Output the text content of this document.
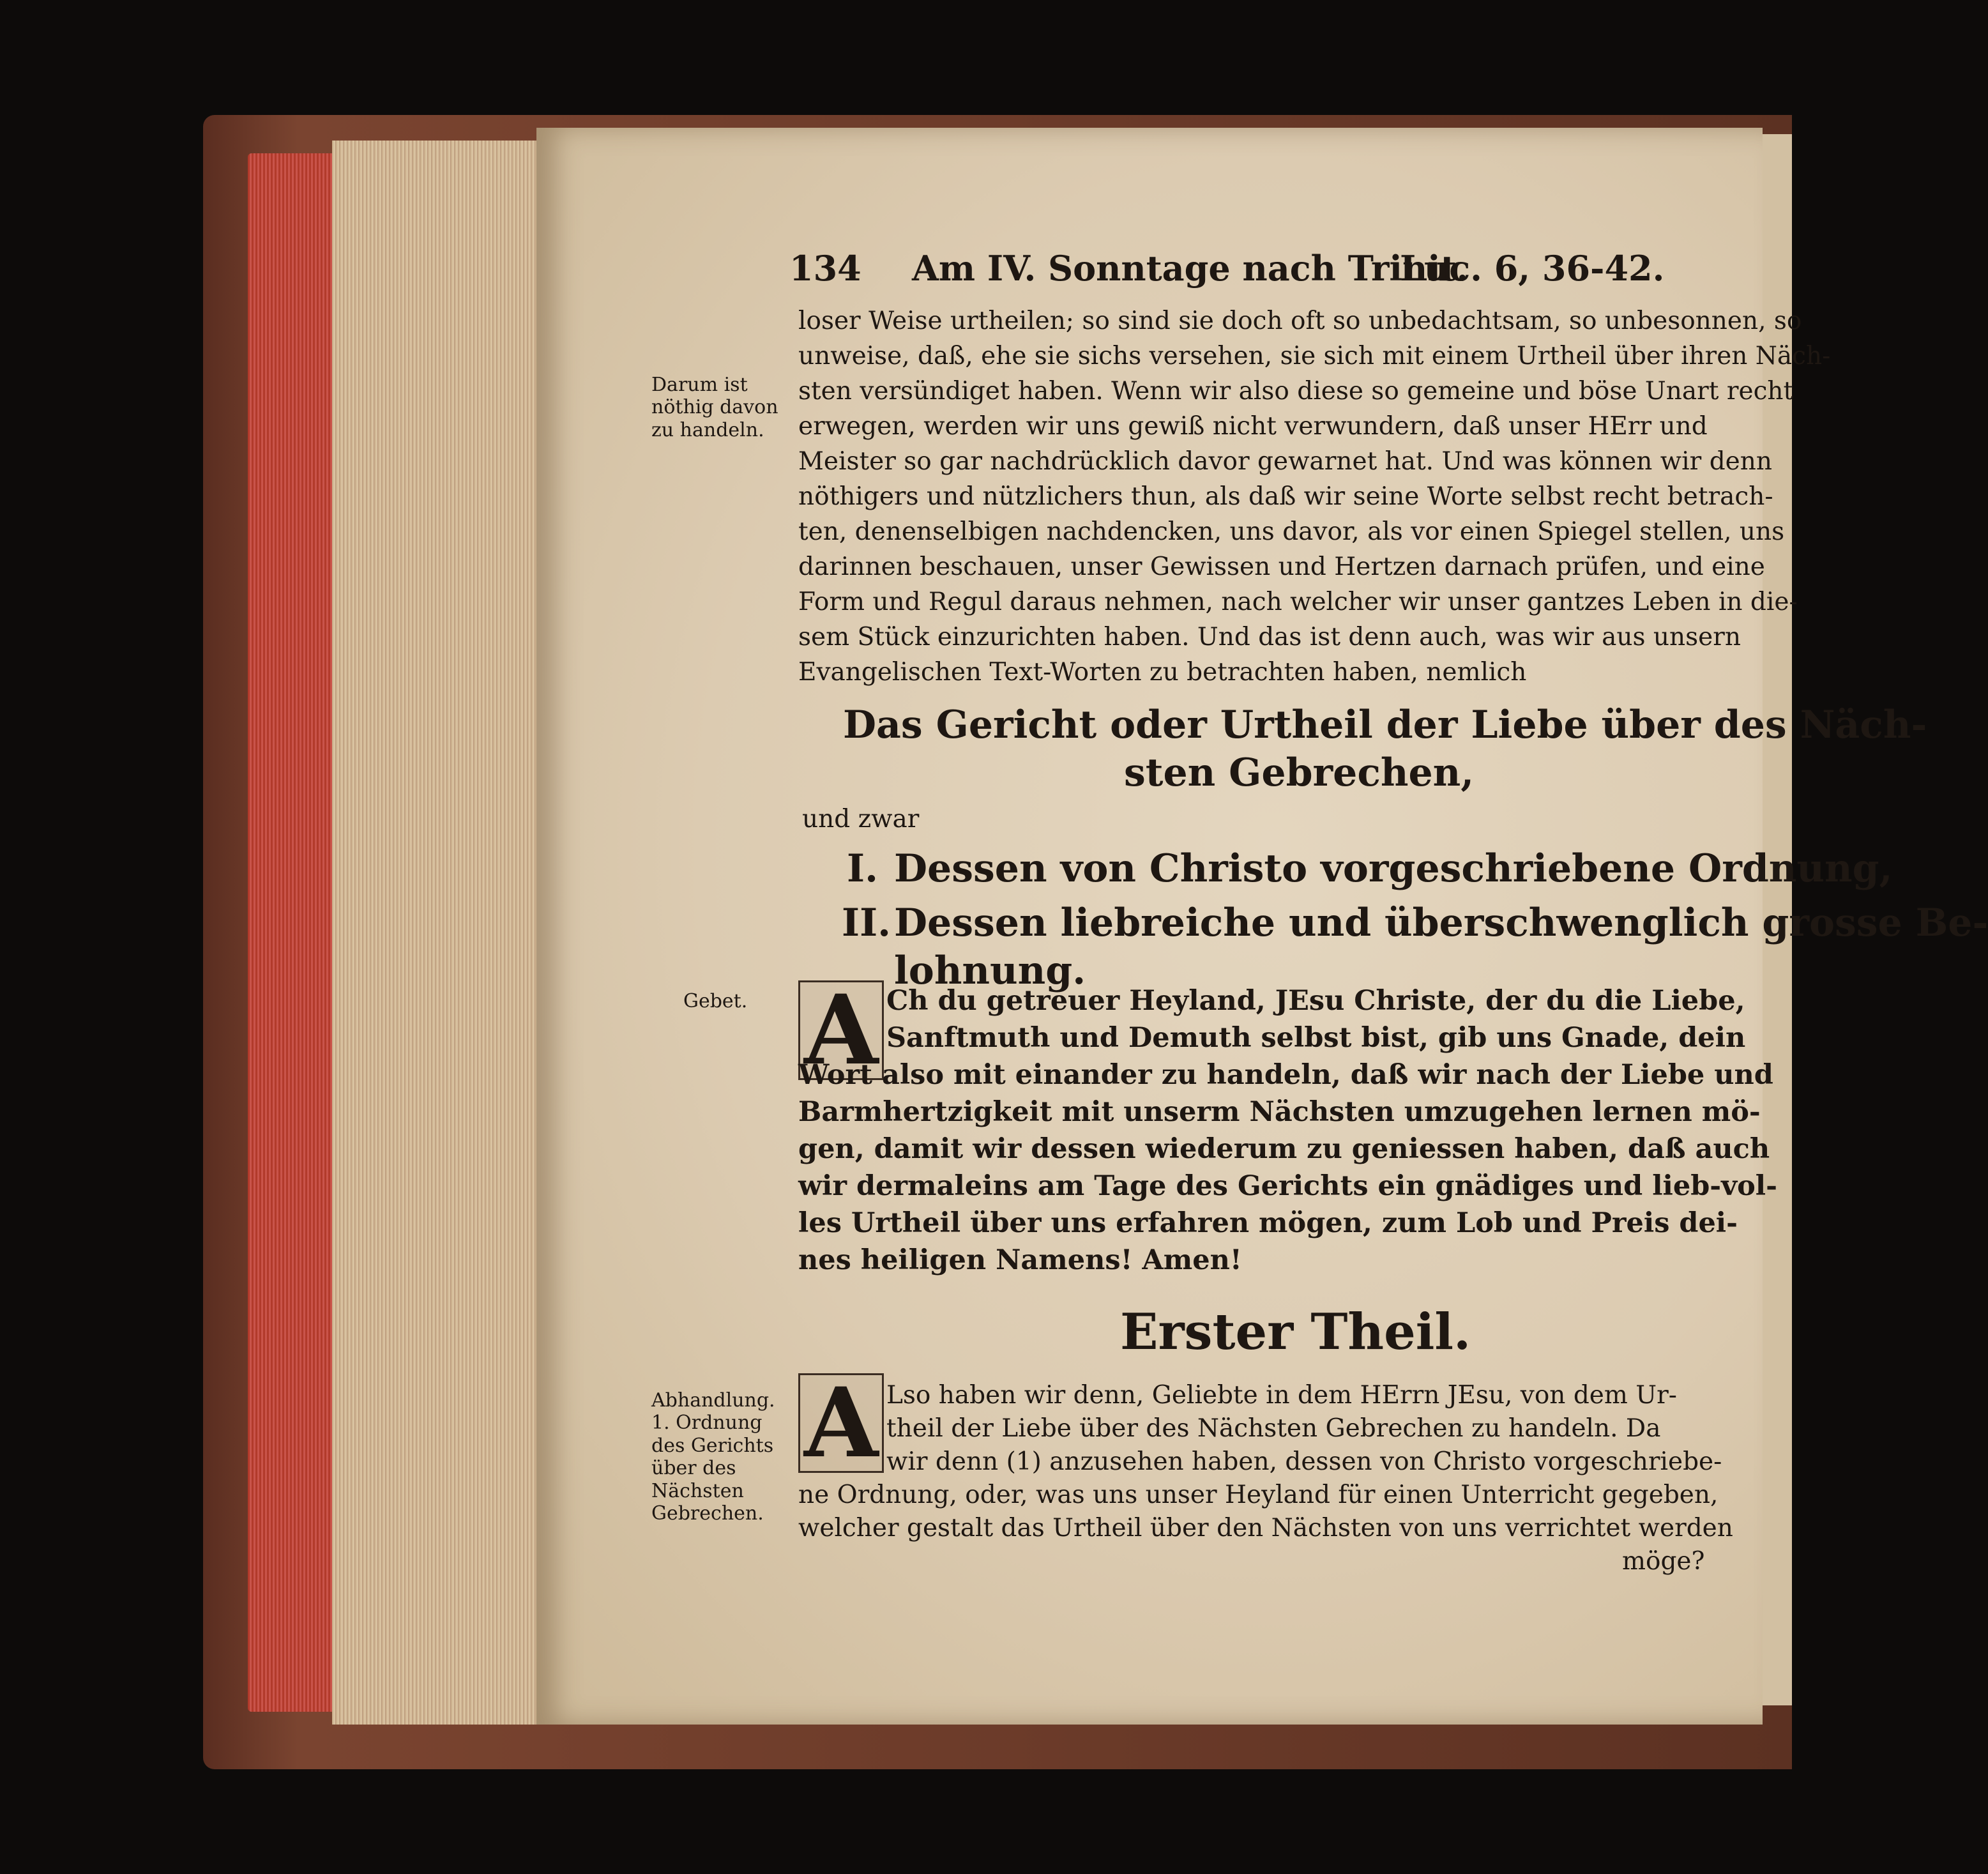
134 Am IV. Sonntage nach Trinit.
Luc. 6, 36-42.
loser Weise urtheilen; so sind sie doch oft so unbedachtsam, so unbesonnen, so
unweise, daß, ehe sie sichs versehen, sie sich mit einem Urtheil über ihren Näch-
sten versündiget haben. Wenn wir also diese so gemeine und böse Unart recht
erwegen, werden wir uns gewiß nicht verwundern, daß unser HErr und
Meister so gar nachdrücklich davor gewarnet hat. Und was können wir denn
nöthigers und nützlichers thun, als daß wir seine Worte selbst recht betrach-
ten, denenselbigen nachdencken, uns davor, als vor einen Spiegel stellen, uns
darinnen beschauen, unser Gewissen und Hertzen darnach prüfen, und eine
Form und Regul daraus nehmen, nach welcher wir unser gantzes Leben in die-
sem Stück einzurichten haben. Und das ist denn auch, was wir aus unsern
Evangelischen Text-Worten zu betrachten haben, nemlich
Darum ist nöthig davon zu handeln.
Gebet.
Abhandlung. 1. Ordnung des Gerichts über des Nächsten Gebrechen.
Das Gericht oder Urtheil der Liebe über des Näch-
sten Gebrechen,
und zwar
I. Dessen von Christo vorgeschriebene Ordnung,
II. Dessen liebreiche und überschwenglich grosse Be-
lohnung.
A Ch du getreuer Heyland, JEsu Christe, der du die Liebe,
Sanftmuth und Demuth selbst bist, gib uns Gnade, dein
Wort also mit einander zu handeln, daß wir nach der Liebe und
Barmhertzigkeit mit unserm Nächsten umzugehen lernen mö-
gen, damit wir dessen wiederum zu geniessen haben, daß auch
wir dermaleins am Tage des Gerichts ein gnädiges und lieb-vol-
les Urtheil über uns erfahren mögen, zum Lob und Preis dei-
nes heiligen Namens! Amen!
Erster Theil.
A Lso haben wir denn, Geliebte in dem HErrn JEsu, von dem Ur-
theil der Liebe über des Nächsten Gebrechen zu handeln. Da
wir denn (1) anzusehen haben, dessen von Christo vorgeschriebe-
ne Ordnung, oder, was uns unser Heyland für einen Unterricht gegeben,
welcher gestalt das Urtheil über den Nächsten von uns verrichtet werden
möge?
